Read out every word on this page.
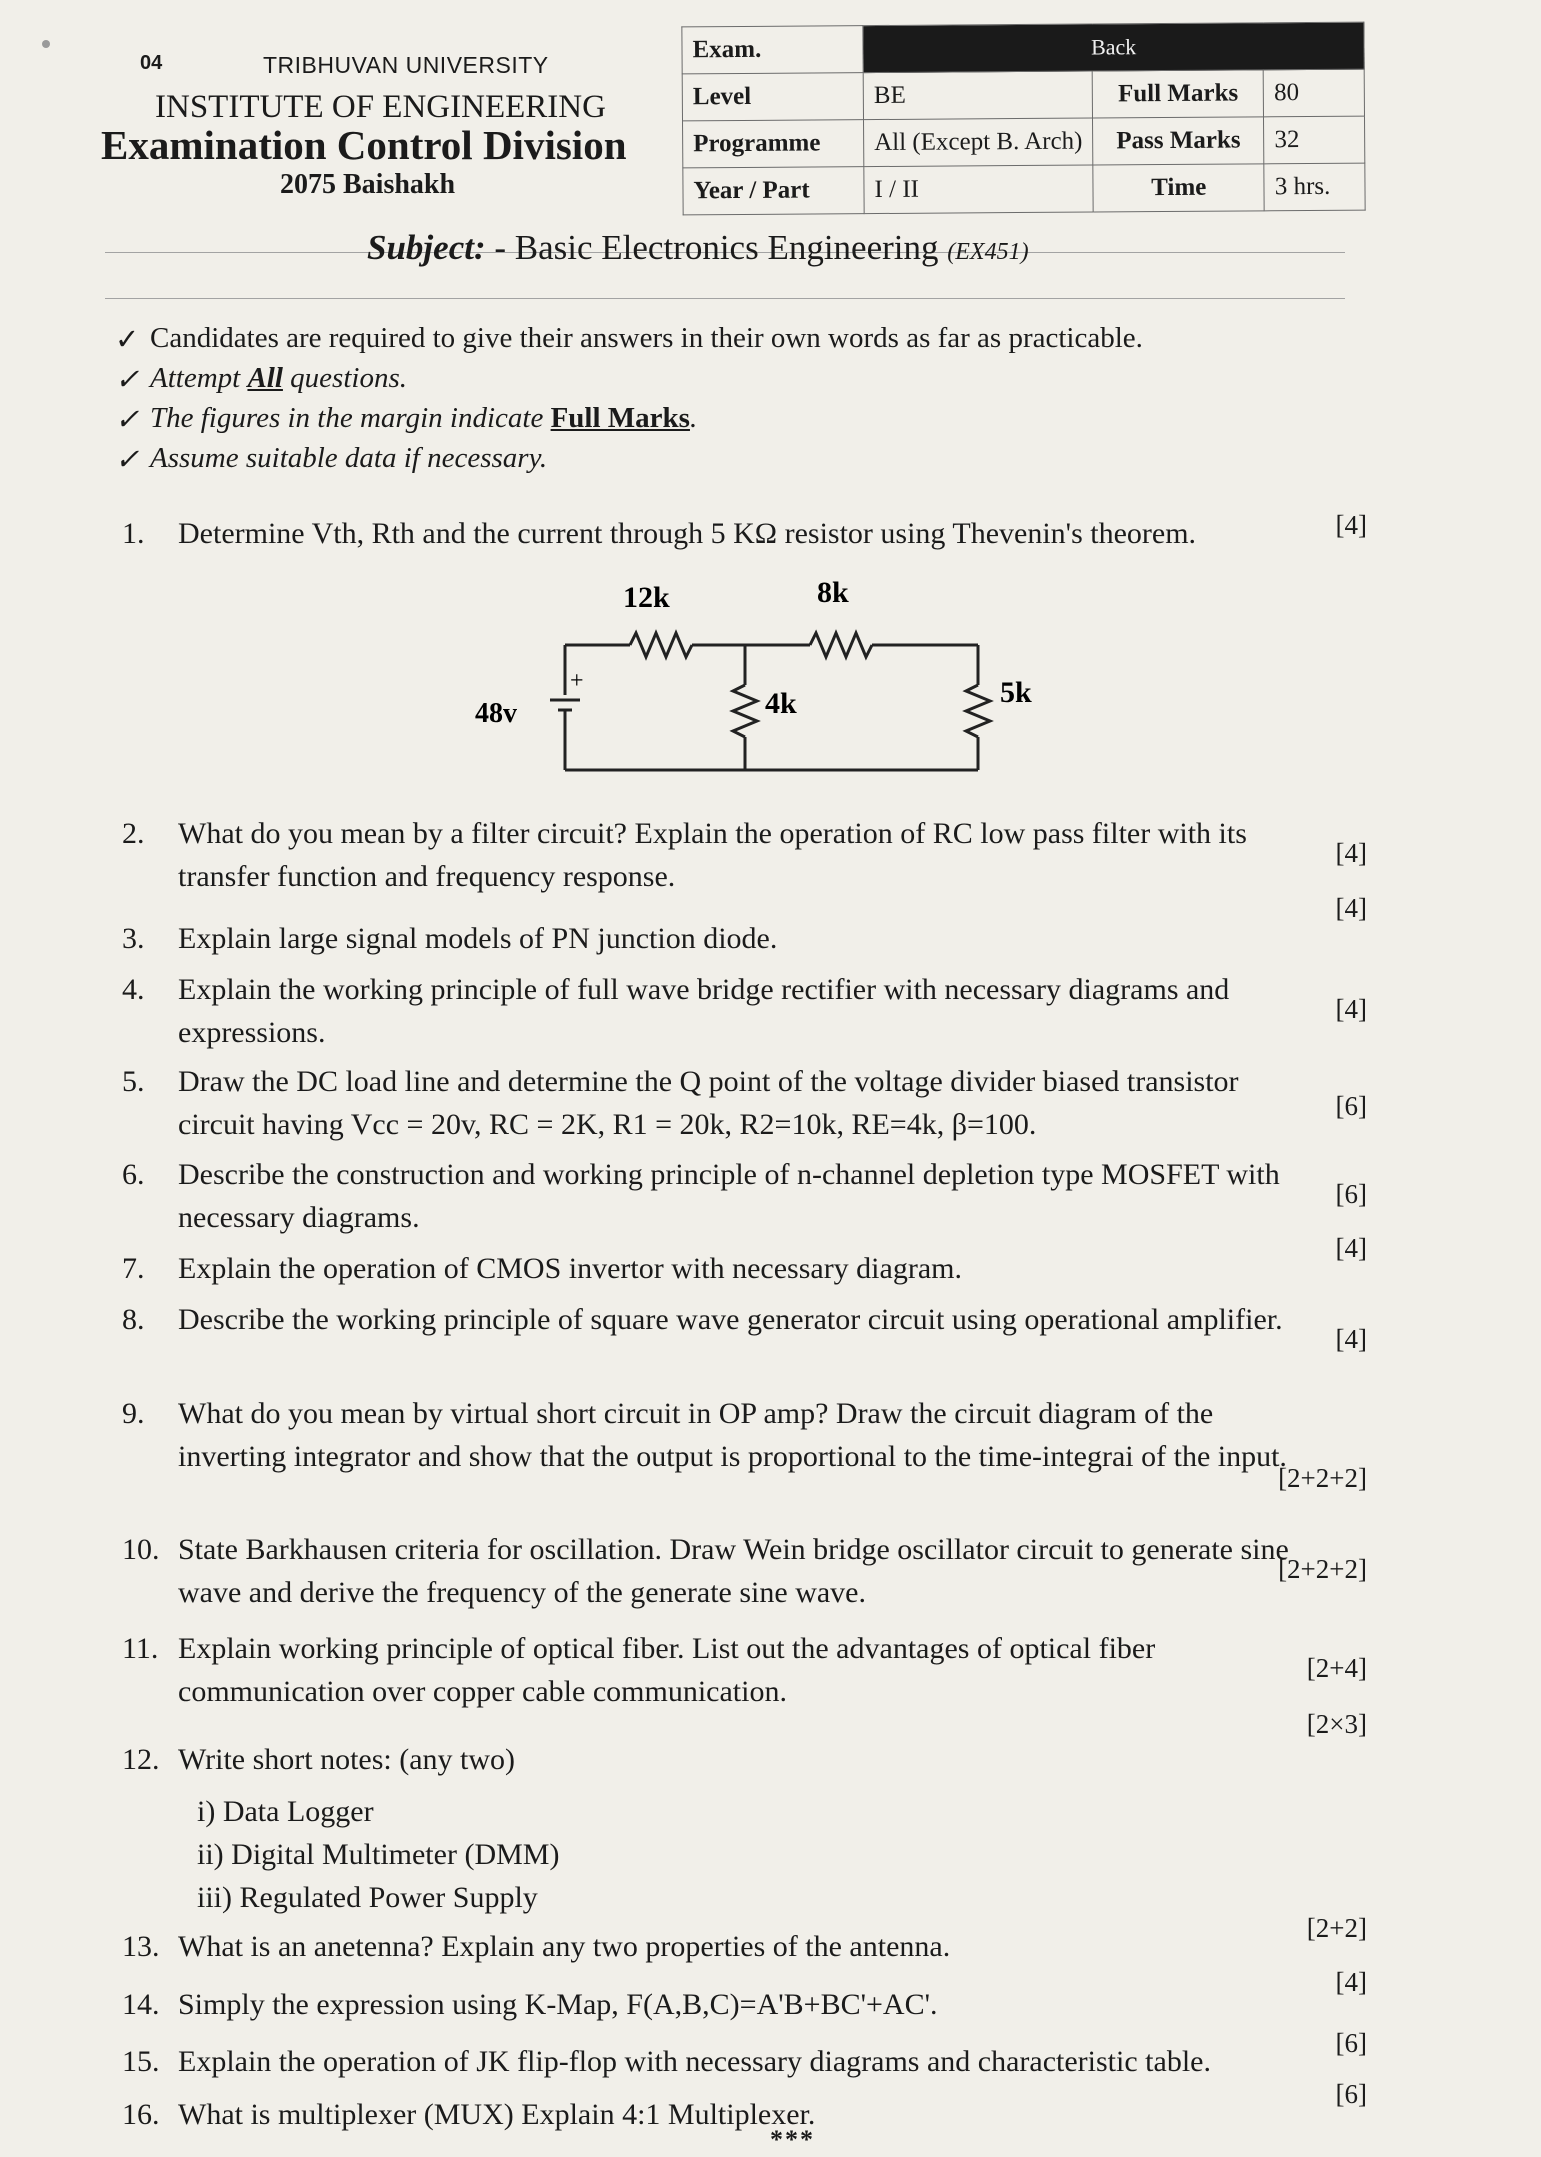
04	TRIBHUVAN UNIVERSITY
INSTITUTE OF ENGINEERING
Examination Control Division
2075 Baishakh
Exam.	Back		
Level	BE	Full Marks	80
Programme	All (Except B. Arch)	Pass Marks	32
Year / Part	I / II	Time	3 hrs.
Subject: - Basic Electronics Engineering (EX451)
✓ Candidates are required to give their answers in their own words as far as practicable.
✓ Attempt All questions.
✓ The figures in the margin indicate Full Marks.
✓ Assume suitable data if necessary.
1. Determine Vth, Rth and the current through 5 KΩ resistor using Thevenin's theorem.	[4]
12k	8k
4k	5k
48v
+
2. What do you mean by a filter circuit? Explain the operation of RC low pass filter with its transfer function and frequency response.
[4]
3. Explain large signal models of PN junction diode.
[4]
4. Explain the working principle of full wave bridge rectifier with necessary diagrams and expressions.
[4]
5. Draw the DC load line and determine the Q point of the voltage divider biased transistor circuit having Vcc = 20v, RC = 2K, R1 = 20k, R2=10k, RE=4k, β=100.
[6]
6. Describe the construction and working principle of n-channel depletion type MOSFET with necessary diagrams.
[6]
7. Explain the operation of CMOS invertor with necessary diagram.
[4]
8. Describe the working principle of square wave generator circuit using operational amplifier.
[4]
9. What do you mean by virtual short circuit in OP amp? Draw the circuit diagram of the inverting integrator and show that the output is proportional to the time-integrai of the input.
[2+2+2]
10. State Barkhausen criteria for oscillation. Draw Wein bridge oscillator circuit to generate sine wave and derive the frequency of the generate sine wave.
[2+2+2]
11. Explain working principle of optical fiber. List out the advantages of optical fiber communication over copper cable communication.
[2+4]
12. Write short notes: (any two)
[2×3]
i) Data Logger
ii) Digital Multimeter (DMM)
iii) Regulated Power Supply
13. What is an anetenna? Explain any two properties of the antenna.
[2+2]
14. Simply the expression using K-Map, F(A,B,C)=A'B+BC'+AC'.
[4]
15. Explain the operation of JK flip-flop with necessary diagrams and characteristic table.
[6]
16. What is multiplexer (MUX) Explain 4:1 Multiplexer.
[6]
***
